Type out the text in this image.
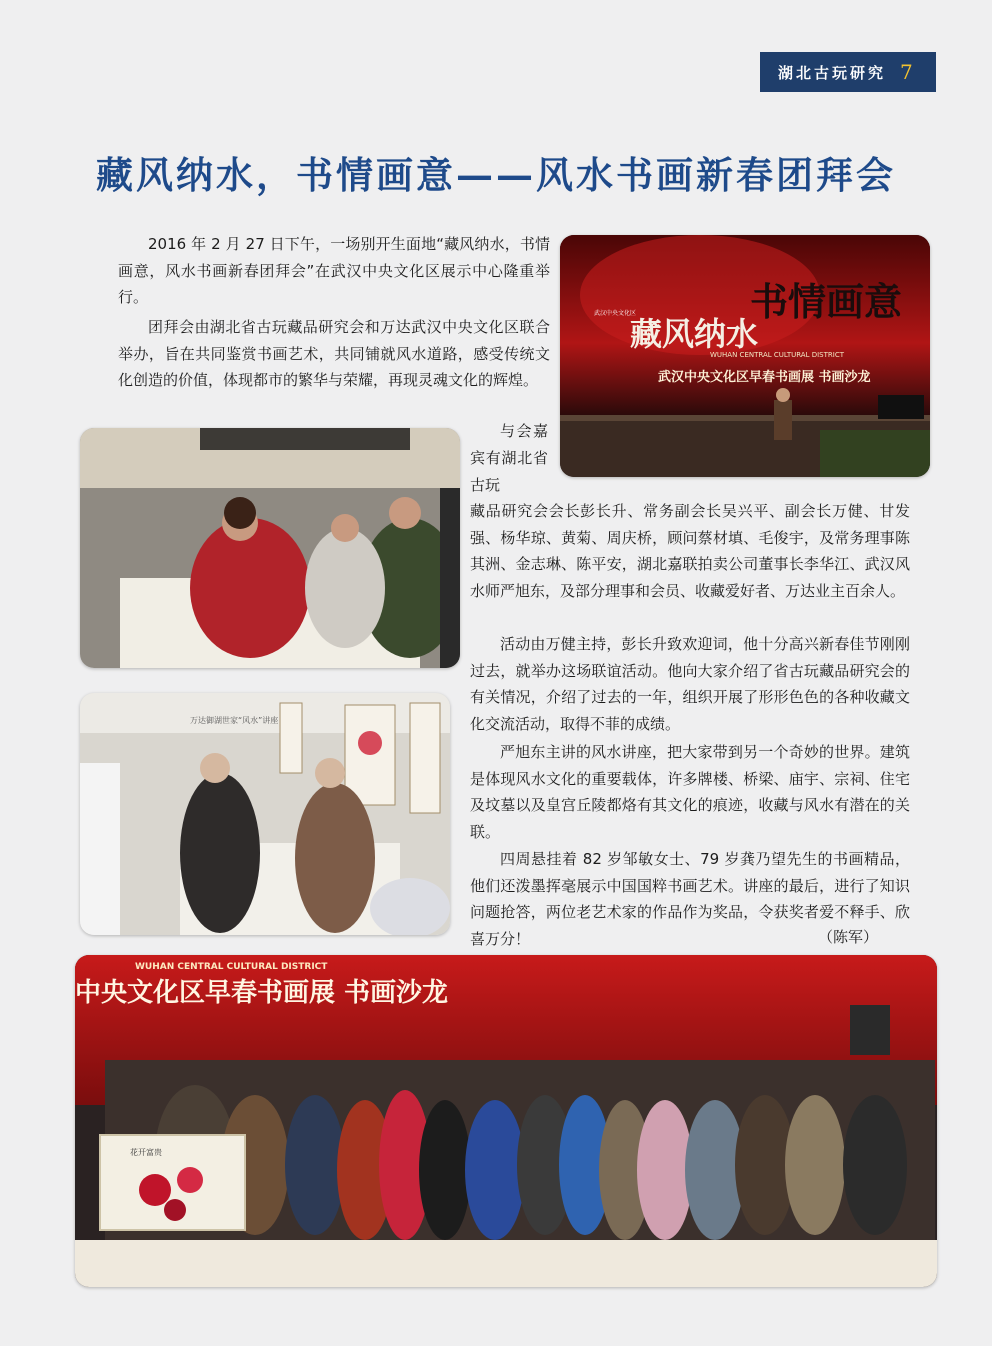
湖北古玩研究 7
藏风纳水，书情画意——风水书画新春团拜会

2016 年 2 月 27 日下午，一场别开生面地“藏风纳水，书情画意，风水书画新春团拜会”在武汉中央文化区展示中心隆重举行。

团拜会由湖北省古玩藏品研究会和万达武汉中央文化区联合举办，旨在共同鉴赏书画艺术，共同铺就风水道路，感受传统文化创造的价值，体现都市的繁华与荣耀，再现灵魂文化的辉煌。

与会嘉宾有湖北省古玩

藏品研究会会长彭长升、常务副会长吴兴平、副会长万健、甘发强、杨华琼、黄菊、周庆桥，顾问蔡材填、毛俊宇，及常务理事陈其洲、金志琳、陈平安，湖北嘉联拍卖公司董事长李华江、武汉风水师严旭东，及部分理事和会员、收藏爱好者、万达业主百余人。

活动由万健主持，彭长升致欢迎词，他十分高兴新春佳节刚刚过去，就举办这场联谊活动。他向大家介绍了省古玩藏品研究会的有关情况，介绍了过去的一年，组织开展了形形色色的各种收藏文化交流活动，取得不菲的成绩。

严旭东主讲的风水讲座，把大家带到另一个奇妙的世界。建筑是体现风水文化的重要载体，许多牌楼、桥梁、庙宇、宗祠、住宅及坟墓以及皇宫丘陵都烙有其文化的痕迹，收藏与风水有潜在的关联。

四周悬挂着 82 岁邹敏女士、79 岁龚乃望先生的书画精品，他们还泼墨挥毫展示中国国粹书画艺术。讲座的最后，进行了知识问题抢答，两位老艺术家的作品作为奖品，令获奖者爱不释手、欣喜万分！	（陈军）
藏风纳水
书情画意
WUHAN CENTRAL CULTURAL DISTRICT
武汉中央文化区早春书画展 书画沙龙
武汉中央文化区
万达御湖世家“风水”讲座
WUHAN CENTRAL CULTURAL DISTRICT
中央文化区早春书画展 书画沙龙
花开富贵
